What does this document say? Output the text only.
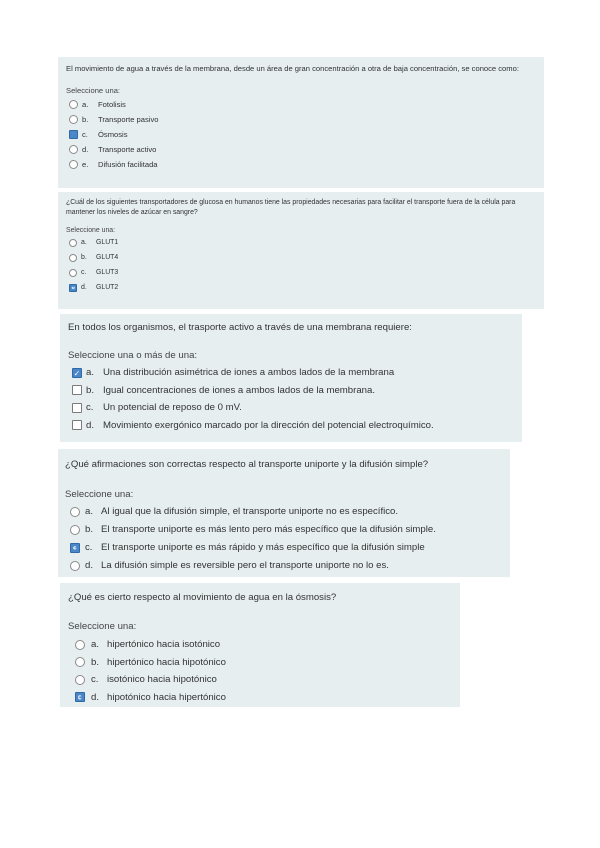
El movimiento de agua a través de la membrana, desde un área de gran concentración a otra de baja concentración, se conoce como:
Seleccione una:
a.	Fotolisis
b.	Transporte pasivo
c.	Ósmosis
d.	Transporte activo
e.	Difusión facilitada
¿Cuál de los siguientes transportadores de glucosa en humanos tiene las propiedades necesarias para facilitar el transporte fuera de la célula para mantener los niveles de azúcar en sangre?
Seleccione una:
a.	GLUT1
b.	GLUT4
c.	GLUT3
d.	GLUT2
En todos los organismos, el trasporte activo a través de una membrana requiere:
Seleccione una o más de una:
✓ a. Una distribución asimétrica de iones a ambos lados de la membrana
b. Igual concentraciones de iones a ambos lados de la membrana.
c. Un potencial de reposo de 0 mV.
d. Movimiento exergónico marcado por la dirección del potencial electroquímico.
¿Qué afirmaciones son correctas respecto al transporte uniporte y la difusión simple?
Seleccione una:
a. Al igual que la difusión simple, el transporte uniporte no es específico.
b. El transporte uniporte es más lento pero más específico que la difusión simple.
c. El transporte uniporte es más rápido y más específico que la difusión simple
d. La difusión simple es reversible pero el transporte uniporte no lo es.
¿Qué es cierto respecto al movimiento de agua en la ósmosis?
Seleccione una:
a. hipertónico hacia isotónico
b. hipertónico hacia hipotónico
c. isotónico hacia hipotónico
d. hipotónico hacia hipertónico
